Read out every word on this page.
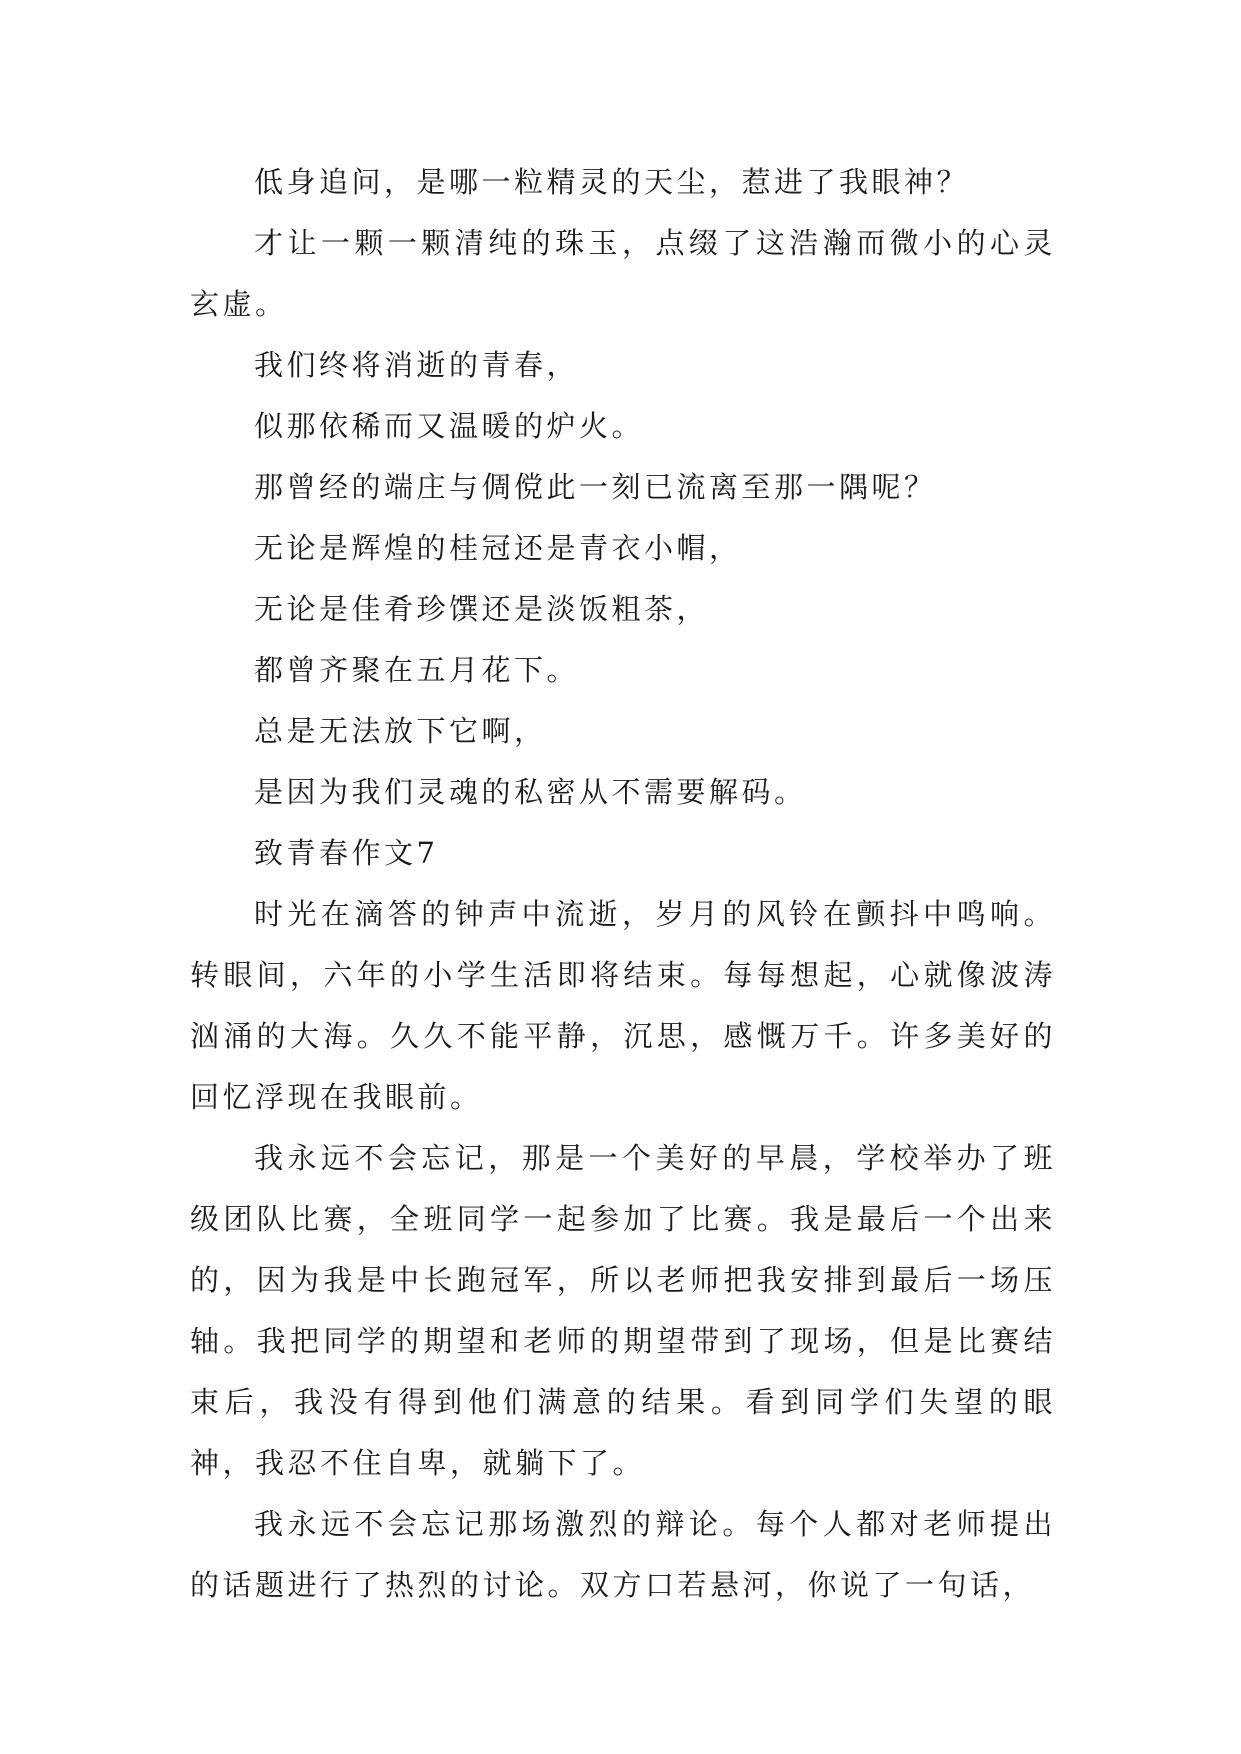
低身追问，是哪一粒精灵的天尘，惹进了我眼神？

才让一颗一颗清纯的珠玉，点缀了这浩瀚而微小的心灵玄虚。

我们终将消逝的青春，

似那依稀而又温暖的炉火。

那曾经的端庄与倜傥此一刻已流离至那一隅呢？

无论是辉煌的桂冠还是青衣小帽，

无论是佳肴珍馔还是淡饭粗茶，

都曾齐聚在五月花下。

总是无法放下它啊，

是因为我们灵魂的私密从不需要解码。

致青春作文7

时光在滴答的钟声中流逝，岁月的风铃在颤抖中鸣响。转眼间，六年的小学生活即将结束。每每想起，心就像波涛汹涌的大海。久久不能平静，沉思，感慨万千。许多美好的回忆浮现在我眼前。

我永远不会忘记，那是一个美好的早晨，学校举办了班级团队比赛，全班同学一起参加了比赛。我是最后一个出来的，因为我是中长跑冠军，所以老师把我安排到最后一场压轴。我把同学的期望和老师的期望带到了现场，但是比赛结束后，我没有得到他们满意的结果。看到同学们失望的眼神，我忍不住自卑，就躺下了。

我永远不会忘记那场激烈的辩论。每个人都对老师提出的话题进行了热烈的讨论。双方口若悬河，你说了一句话，
